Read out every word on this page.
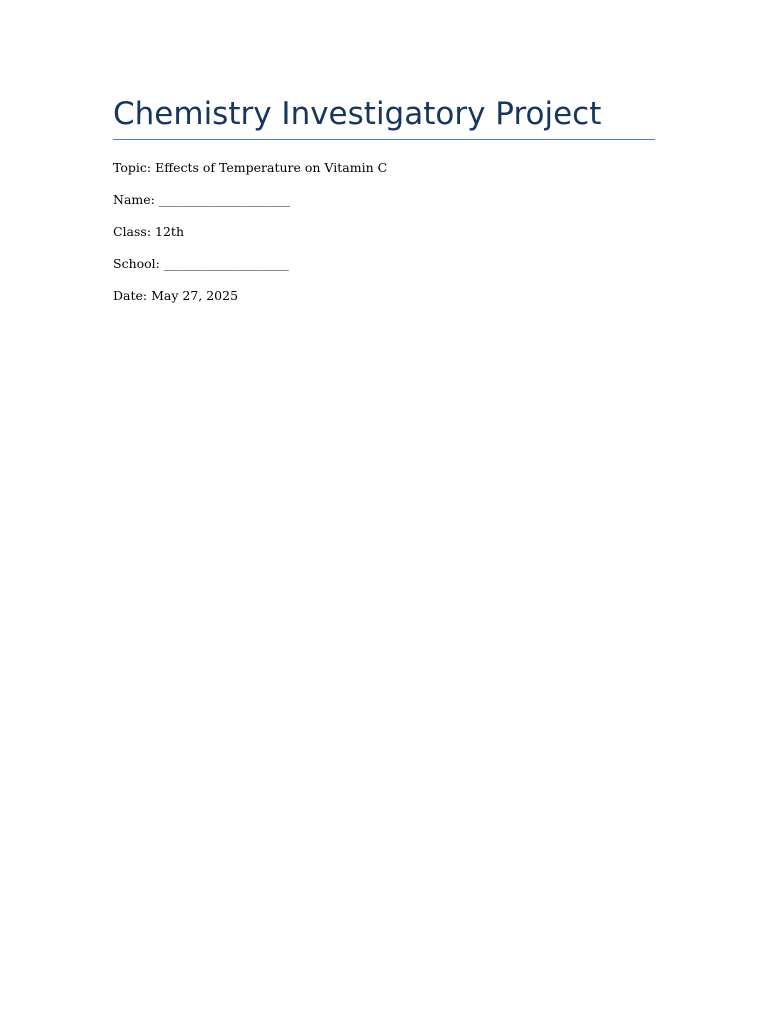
Chemistry Investigatory Project

Topic: Effects of Temperature on Vitamin C

Name: _____________________

Class: 12th

School: ____________________

Date: May 27, 2025
